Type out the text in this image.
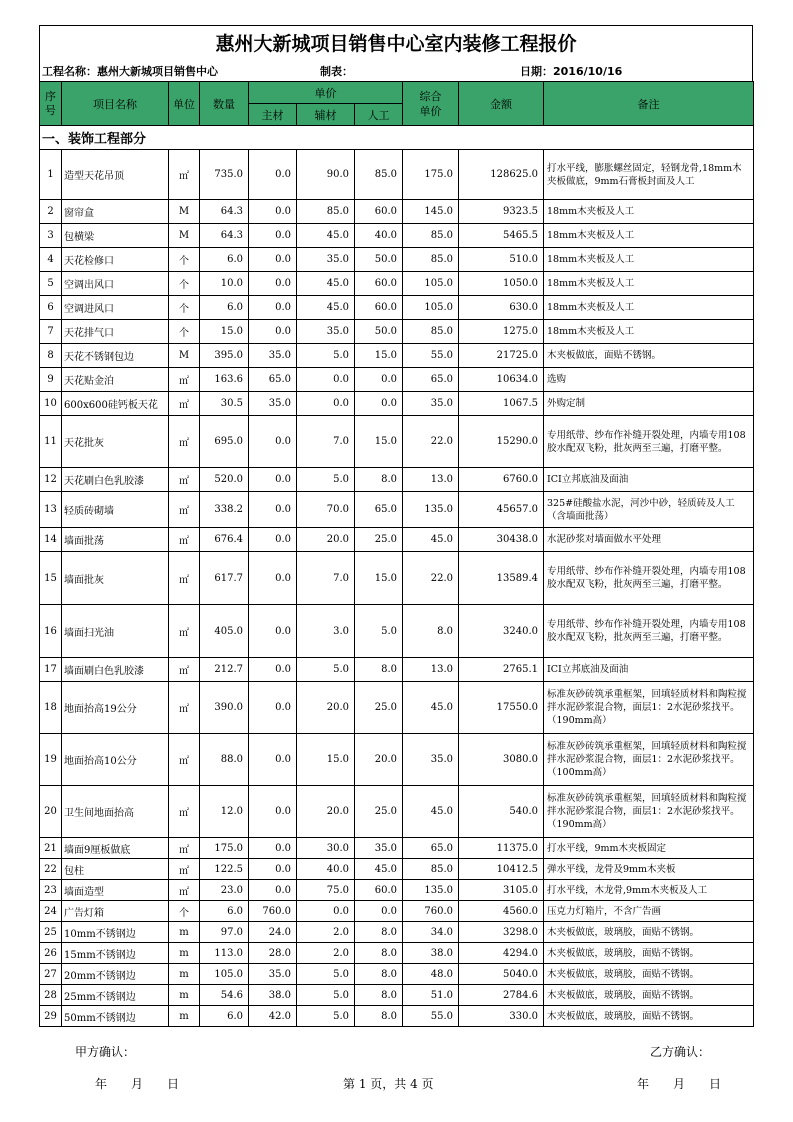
惠州大新城项目销售中心室内装修工程报价
工程名称：惠州大新城项目销售中心	制表：	日期：2016/10/16
序号	项目名称	单位	数量	单价			综合单价	金额	备注
				主材	辅材	人工			
一、装饰工程部分									
1	造型天花吊顶	㎡	735.0	0.0	90.0	85.0	175.0	128625.0	打水平线，膨胀螺丝固定，轻钢龙骨,18mm木夹板做底，9mm石膏板封面及人工
2	窗帘盒	M	64.3	0.0	85.0	60.0	145.0	9323.5	18mm木夹板及人工
3	包横梁	M	64.3	0.0	45.0	40.0	85.0	5465.5	18mm木夹板及人工
4	天花检修口	个	6.0	0.0	35.0	50.0	85.0	510.0	18mm木夹板及人工
5	空调出风口	个	10.0	0.0	45.0	60.0	105.0	1050.0	18mm木夹板及人工
6	空调进风口	个	6.0	0.0	45.0	60.0	105.0	630.0	18mm木夹板及人工
7	天花排气口	个	15.0	0.0	35.0	50.0	85.0	1275.0	18mm木夹板及人工
8	天花不锈钢包边	M	395.0	35.0	5.0	15.0	55.0	21725.0	木夹板做底，面贴不锈钢。
9	天花贴金泊	㎡	163.6	65.0	0.0	0.0	65.0	10634.0	选购
10	600x600硅钙板天花	㎡	30.5	35.0	0.0	0.0	35.0	1067.5	外购定制
11	天花批灰	㎡	695.0	0.0	7.0	15.0	22.0	15290.0	专用纸带、纱布作补缝开裂处理，内墙专用108胶水配双飞粉，批灰两至三遍，打磨平整。
12	天花刷白色乳胶漆	㎡	520.0	0.0	5.0	8.0	13.0	6760.0	ICI立邦底油及面油
13	轻质砖砌墙	㎡	338.2	0.0	70.0	65.0	135.0	45657.0	325#硅酸盐水泥，河沙中砂，轻质砖及人工（含墙面批荡）
14	墙面批荡	㎡	676.4	0.0	20.0	25.0	45.0	30438.0	水泥砂浆对墙面做水平处理
15	墙面批灰	㎡	617.7	0.0	7.0	15.0	22.0	13589.4	专用纸带、纱布作补缝开裂处理，内墙专用108胶水配双飞粉，批灰两至三遍，打磨平整。
16	墙面扫光油	㎡	405.0	0.0	3.0	5.0	8.0	3240.0	专用纸带、纱布作补缝开裂处理，内墙专用108胶水配双飞粉，批灰两至三遍，打磨平整。
17	墙面刷白色乳胶漆	㎡	212.7	0.0	5.0	8.0	13.0	2765.1	ICI立邦底油及面油
18	地面抬高19公分	㎡	390.0	0.0	20.0	25.0	45.0	17550.0	标准灰砂砖筑承重框架，回填轻质材料和陶粒搅拌水泥砂浆混合物，面层1：2水泥砂浆找平。（190mm高）
19	地面抬高10公分	㎡	88.0	0.0	15.0	20.0	35.0	3080.0	标准灰砂砖筑承重框架，回填轻质材料和陶粒搅拌水泥砂浆混合物，面层1：2水泥砂浆找平。（100mm高）
20	卫生间地面抬高	㎡	12.0	0.0	20.0	25.0	45.0	540.0	标准灰砂砖筑承重框架，回填轻质材料和陶粒搅拌水泥砂浆混合物，面层1：2水泥砂浆找平。（190mm高）
21	墙面9厘板做底	㎡	175.0	0.0	30.0	35.0	65.0	11375.0	打水平线，9mm木夹板固定
22	包柱	㎡	122.5	0.0	40.0	45.0	85.0	10412.5	弹水平线，龙骨及9mm木夹板
23	墙面造型	㎡	23.0	0.0	75.0	60.0	135.0	3105.0	打水平线，木龙骨,9mm木夹板及人工
24	广告灯箱	个	6.0	760.0	0.0	0.0	760.0	4560.0	压克力灯箱片，不含广告画
25	10mm不锈钢边	m	97.0	24.0	2.0	8.0	34.0	3298.0	木夹板做底，玻璃胶，面贴不锈钢。
26	15mm不锈钢边	m	113.0	28.0	2.0	8.0	38.0	4294.0	木夹板做底，玻璃胶，面贴不锈钢。
27	20mm不锈钢边	m	105.0	35.0	5.0	8.0	48.0	5040.0	木夹板做底，玻璃胶，面贴不锈钢。
28	25mm不锈钢边	m	54.6	38.0	5.0	8.0	51.0	2784.6	木夹板做底，玻璃胶，面贴不锈钢。
29	50mm不锈钢边	m	6.0	42.0	5.0	8.0	55.0	330.0	木夹板做底，玻璃胶，面贴不锈钢。
甲方确认：	乙方确认：
年　　月　　日	第 1 页，共 4 页	年　　月　　日
